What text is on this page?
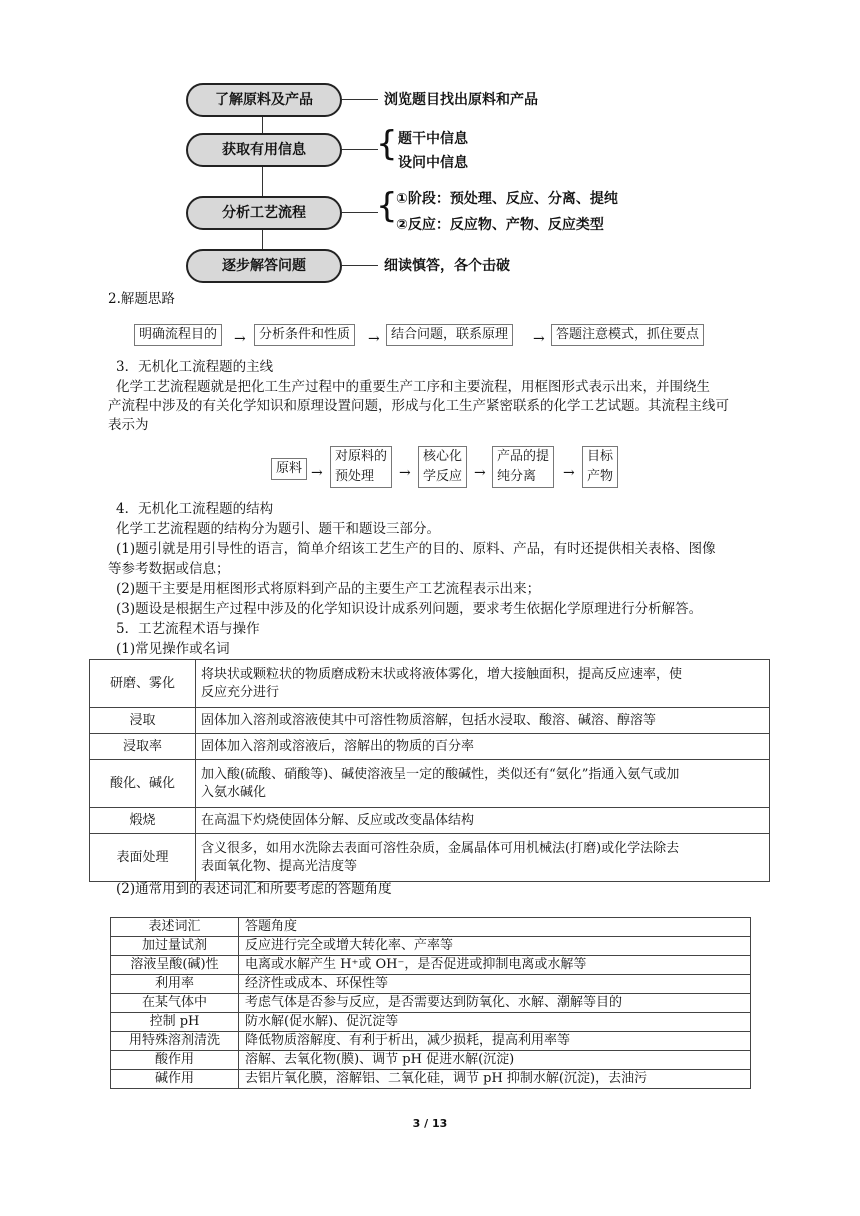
了解原料及产品
获取有用信息
分析工艺流程
逐步解答问题
浏览题目找出原料和产品
{ 题干中信息
设问中信息
{
①阶段：预处理、反应、分离、提纯
②反应：反应物、产物、反应类型
细读慎答，各个击破
2.解题思路
明确流程目的	→	分析条件和性质	→ 结合问题，联系原理	→ 答题注意模式，抓住要点
3．无机化工流程题的主线
化学工艺流程题就是把化工生产过程中的重要生产工序和主要流程，用框图形式表示出来，并围绕生
产流程中涉及的有关化学知识和原理设置问题，形成与化工生产紧密联系的化学工艺试题。其流程主线可
表示为
原料 →
对原料的
预处理	→
核心化
学反应 →
产品的提
纯分离	→
目标
产物
4．无机化工流程题的结构
化学工艺流程题的结构分为题引、题干和题设三部分。
(1)题引就是用引导性的语言，简单介绍该工艺生产的目的、原料、产品，有时还提供相关表格、图像
等参考数据或信息；
(2)题干主要是用框图形式将原料到产品的主要生产工艺流程表示出来；
(3)题设是根据生产过程中涉及的化学知识设计成系列问题，要求考生依据化学原理进行分析解答。
5．工艺流程术语与操作
(1)常见操作或名词
研磨、雾化	将块状或颗粒状的物质磨成粉末状或将液体雾化，增大接触面积，提高反应速率，使
反应充分进行

浸取	固体加入溶剂或溶液使其中可溶性物质溶解，包括水浸取、酸溶、碱溶、醇溶等
浸取率	固体加入溶剂或溶液后，溶解出的物质的百分率
酸化、碱化	加入酸(硫酸、硝酸等)、碱使溶液呈一定的酸碱性，类似还有“氨化”指通入氨气或加
入氨水碱化

煅烧	在高温下灼烧使固体分解、反应或改变晶体结构
表面处理	含义很多，如用水洗除去表面可溶性杂质，金属晶体可用机械法(打磨)或化学法除去
表面氧化物、提高光洁度等
(2)通常用到的表述词汇和所要考虑的答题角度
表述词汇	答题角度
加过量试剂	反应进行完全或增大转化率、产率等
溶液呈酸(碱)性	电离或水解产生 H⁺或 OH⁻，是否促进或抑制电离或水解等
利用率	经济性或成本、环保性等
在某气体中	考虑气体是否参与反应，是否需要达到防氧化、水解、潮解等目的
控制 pH	防水解(促水解)、促沉淀等
用特殊溶剂清洗	降低物质溶解度、有利于析出，减少损耗，提高利用率等
酸作用	溶解、去氧化物(膜)、调节 pH 促进水解(沉淀)
碱作用	去铝片氧化膜，溶解铝、二氧化硅，调节 pH 抑制水解(沉淀)，去油污
3 / 13
